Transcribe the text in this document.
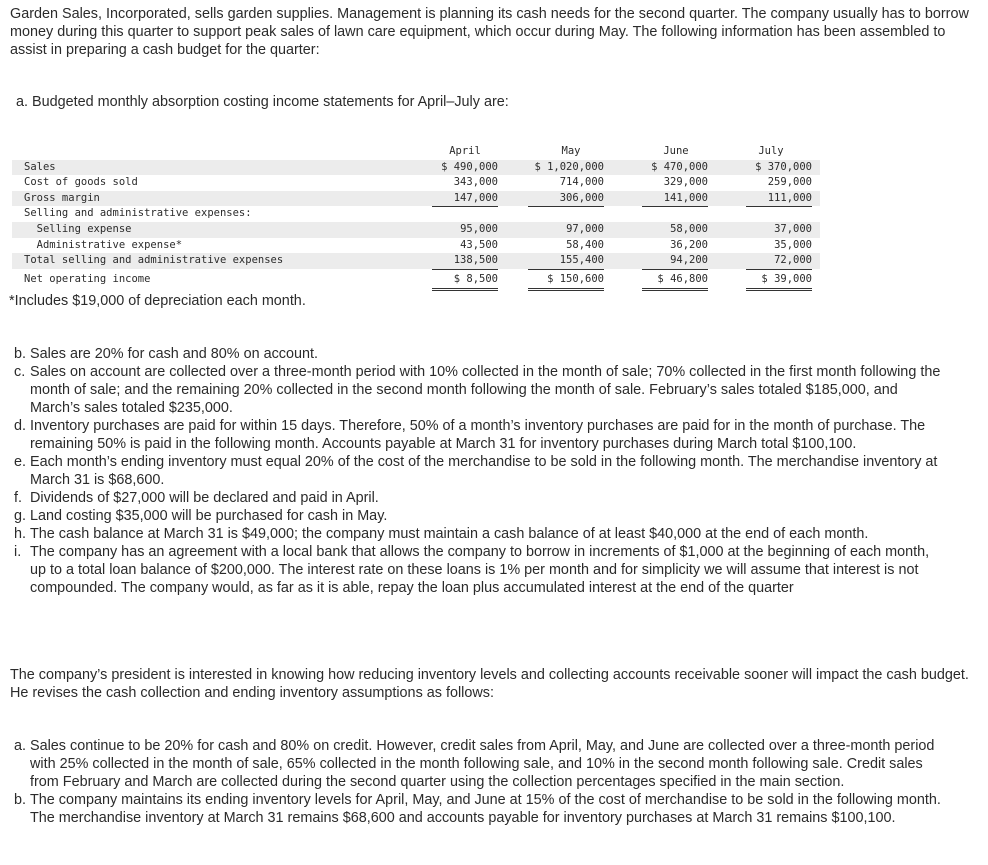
Garden Sales, Incorporated, sells garden supplies. Management is planning its cash needs for the second quarter. The company usually has to borrow money during this quarter to support peak sales of lawn care equipment, which occur during May. The following information has been assembled to assist in preparing a cash budget for the quarter:
a. Budgeted monthly absorption costing income statements for April–July are:
April	May	June	July
Sales	$ 490,000	$ 1,020,000	$ 470,000	$ 370,000
Cost of goods sold	343,000	714,000	329,000	259,000
Gross margin	147,000	306,000	141,000	111,000
Selling and administrative expenses:
Selling expense	95,000	97,000	58,000	37,000
Administrative expense*	43,500	58,400	36,200	35,000
Total selling and administrative expenses	138,500	155,400	94,200	72,000
Net operating income	$ 8,500	$ 150,600	$ 46,800	$ 39,000
*Includes $19,000 of depreciation each month.
b. Sales are 20% for cash and 80% on account.
c. Sales on account are collected over a three-month period with 10% collected in the month of sale; 70% collected in the first month following the month of sale; and the remaining 20% collected in the second month following the month of sale. February’s sales totaled $185,000, and March’s sales totaled $235,000.
d. Inventory purchases are paid for within 15 days. Therefore, 50% of a month’s inventory purchases are paid for in the month of purchase. The remaining 50% is paid in the following month. Accounts payable at March 31 for inventory purchases during March total $100,100.
e. Each month’s ending inventory must equal 20% of the cost of the merchandise to be sold in the following month. The merchandise inventory at March 31 is $68,600.
f. Dividends of $27,000 will be declared and paid in April.
g. Land costing $35,000 will be purchased for cash in May.
h. The cash balance at March 31 is $49,000; the company must maintain a cash balance of at least $40,000 at the end of each month.
i. The company has an agreement with a local bank that allows the company to borrow in increments of $1,000 at the beginning of each month, up to a total loan balance of $200,000. The interest rate on these loans is 1% per month and for simplicity we will assume that interest is not compounded. The company would, as far as it is able, repay the loan plus accumulated interest at the end of the quarter
The company’s president is interested in knowing how reducing inventory levels and collecting accounts receivable sooner will impact the cash budget. He revises the cash collection and ending inventory assumptions as follows:
a. Sales continue to be 20% for cash and 80% on credit. However, credit sales from April, May, and June are collected over a three-month period with 25% collected in the month of sale, 65% collected in the month following sale, and 10% in the second month following sale. Credit sales from February and March are collected during the second quarter using the collection percentages specified in the main section.
b. The company maintains its ending inventory levels for April, May, and June at 15% of the cost of merchandise to be sold in the following month. The merchandise inventory at March 31 remains $68,600 and accounts payable for inventory purchases at March 31 remains $100,100.
